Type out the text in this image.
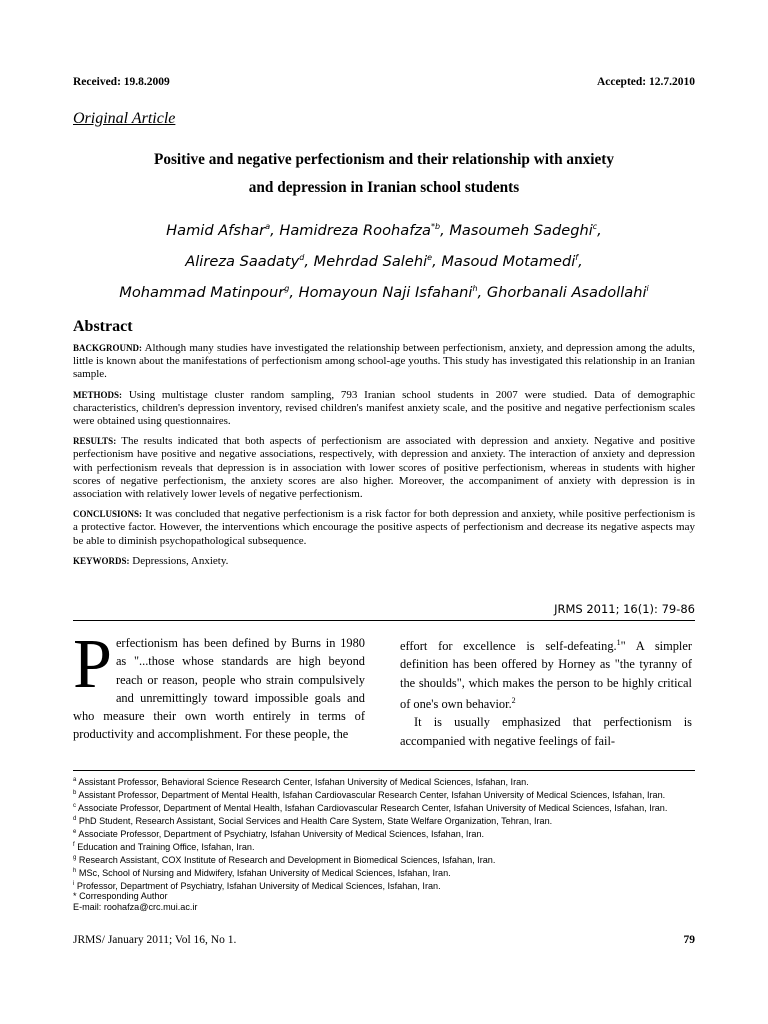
Received: 19.8.2009	Accepted: 12.7.2010
Original Article
Positive and negative perfectionism and their relationship with anxiety
and depression in Iranian school students
Hamid Afshar$^a$, Hamidreza Roohafza$^{*b}$, Masoumeh Sadeghi$^c$,
Alireza Saadaty$^d$, Mehrdad Salehi$^e$, Masoud Motamedi$^f$,
Mohammad Matinpour$^g$, Homayoun Naji Isfahani$^h$, Ghorbanali Asadollahi$^i$
Abstract

BACKGROUND: Although many studies have investigated the relationship between perfectionism, anxiety, and depression among the adults, little is known about the manifestations of perfectionism among school-age youths. This study has investigated this relationship in an Iranian sample.

METHODS: Using multistage cluster random sampling, 793 Iranian school students in 2007 were studied. Data of demographic characteristics, children's depression inventory, revised children's manifest anxiety scale, and the positive and negative perfectionism scales were obtained using questionnaires.

RESULTS: The results indicated that both aspects of perfectionism are associated with depression and anxiety. Negative and positive perfectionism have positive and negative associations, respectively, with depression and anxiety. The interaction of anxiety and depression with perfectionism reveals that depression is in association with lower scores of positive perfectionism, whereas in students with higher scores of negative perfectionism, the anxiety scores are also higher. Moreover, the accompaniment of anxiety with depression is in association with relatively lower levels of negative perfectionism.

CONCLUSIONS: It was concluded that negative perfectionism is a risk factor for both depression and anxiety, while positive perfectionism is a protective factor. However, the interventions which encourage the positive aspects of perfectionism and decrease its negative aspects may be able to diminish psychopathological subsequence.

KEYWORDS: Depressions, Anxiety.

JRMS 2011; 16(1): 79-86

Perfectionism has been defined by Burns in 1980 as "...those whose standards are high beyond reach or reason, people who strain compulsively and unremittingly toward impossible goals and who measure their own worth entirely in terms of productivity and accomplishment. For these people, the

effort for excellence is self-defeating.$^1$" A simpler definition has been offered by Horney as "the tyranny of the shoulds", which makes the person to be highly critical of one's own behavior.$^2$

It is usually emphasized that perfectionism is accompanied with negative feelings of fail-

$^a$ Assistant Professor, Behavioral Science Research Center, Isfahan University of Medical Sciences, Isfahan, Iran.
$^b$ Assistant Professor, Department of Mental Health, Isfahan Cardiovascular Research Center, Isfahan University of Medical Sciences, Isfahan, Iran.
$^c$ Associate Professor, Department of Mental Health, Isfahan Cardiovascular Research Center, Isfahan University of Medical Sciences, Isfahan, Iran.
$^d$ PhD Student, Research Assistant, Social Services and Health Care System, State Welfare Organization, Tehran, Iran.
$^e$ Associate Professor, Department of Psychiatry, Isfahan University of Medical Sciences, Isfahan, Iran.
$^f$ Education and Training Office, Isfahan, Iran.
$^g$ Research Assistant, COX Institute of Research and Development in Biomedical Sciences, Isfahan, Iran.
$^h$ MSc, School of Nursing and Midwifery, Isfahan University of Medical Sciences, Isfahan, Iran.
$^i$ Professor, Department of Psychiatry, Isfahan University of Medical Sciences, Isfahan, Iran.
* Corresponding Author
E-mail: roohafza@crc.mui.ac.ir
JRMS/ January 2011; Vol 16, No 1.	79
